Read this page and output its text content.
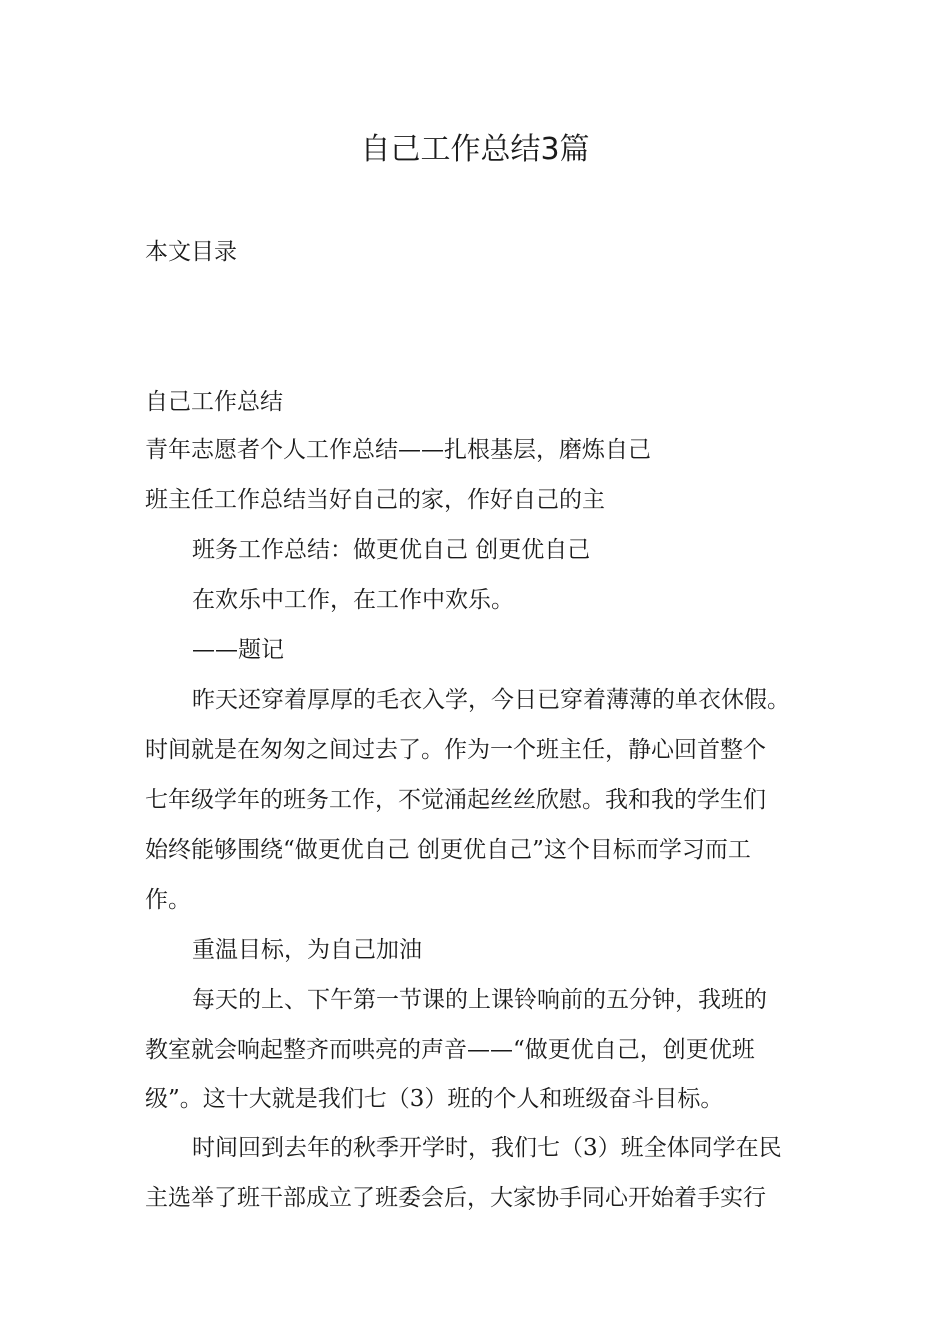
自己工作总结3篇

本文目录

自己工作总结

青年志愿者个人工作总结——扎根基层，磨炼自己

班主任工作总结当好自己的家，作好自己的主

班务工作总结：做更优自己 创更优自己

在欢乐中工作，在工作中欢乐。

——题记

昨天还穿着厚厚的毛衣入学，今日已穿着薄薄的单衣休假。

时间就是在匆匆之间过去了。作为一个班主任，静心回首整个

七年级学年的班务工作，不觉涌起丝丝欣慰。我和我的学生们

始终能够围绕“做更优自己 创更优自己”这个目标而学习而工

作。

重温目标，为自己加油

每天的上、下午第一节课的上课铃响前的五分钟，我班的

教室就会响起整齐而哄亮的声音——“做更优自己，创更优班

级”。这十大就是我们七（3）班的个人和班级奋斗目标。

时间回到去年的秋季开学时，我们七（3）班全体同学在民

主选举了班干部成立了班委会后，大家协手同心开始着手实行
